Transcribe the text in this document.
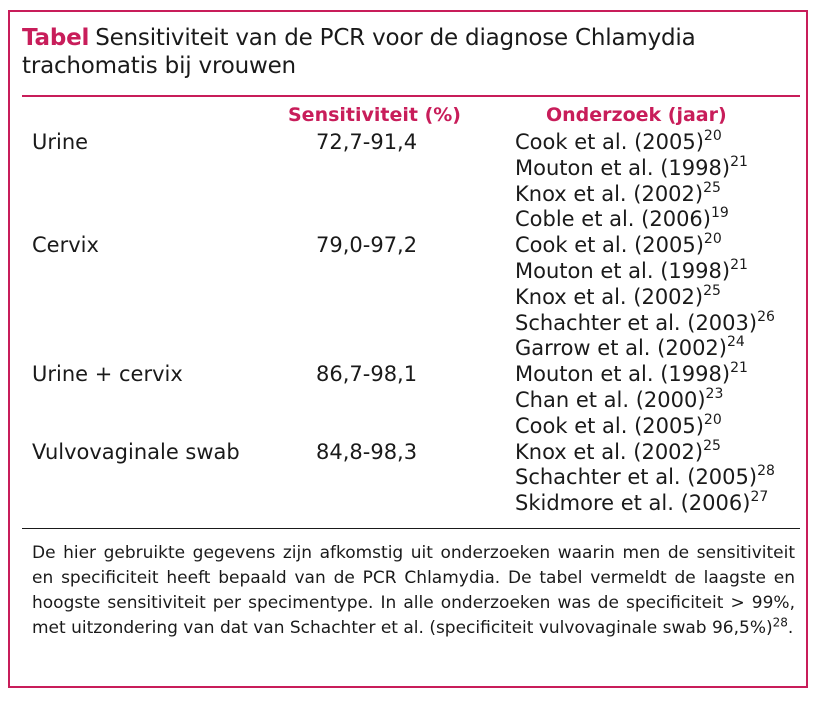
Tabel Sensitiviteit van de PCR voor de diagnose Chlamydia trachomatis bij vrouwen
Sensitiviteit (%)	Onderzoek (jaar)
Urine	72,7-91,4	Cook et al. $(2005)^{20}$
Mouton et al. $(1998)^{21}$
Knox et al. $(2002)^{25}$
Coble et al. $(2006)^{19}$
Cervix	79,0-97,2	Cook et al. $(2005)^{20}$
Mouton et al. $(1998)^{21}$
Knox et al. $(2002)^{25}$
Schachter et al. $(2003)^{26}$
Garrow et al. $(2002)^{24}$
Urine + cervix	86,7-98,1	Mouton et al. $(1998)^{21}$
Chan et al. $(2000)^{23}$
Cook et al. $(2005)^{20}$
Vulvovaginale swab	84,8-98,3	Knox et al. $(2002)^{25}$
Schachter et al. $(2005)^{28}$
Skidmore et al. $(2006)^{27}$
De hier gebruikte gegevens zijn afkomstig uit onderzoeken waarin men de sensitiviteit en specificiteit heeft bepaald van de PCR Chlamydia. De tabel vermeldt de laagste en hoogste sensitiviteit per specimentype. In alle onderzoeken was de specificiteit > 99%, met uitzondering van dat van Schachter et al. (specificiteit vulvovaginale swab 96,5%)$^{28}$.
